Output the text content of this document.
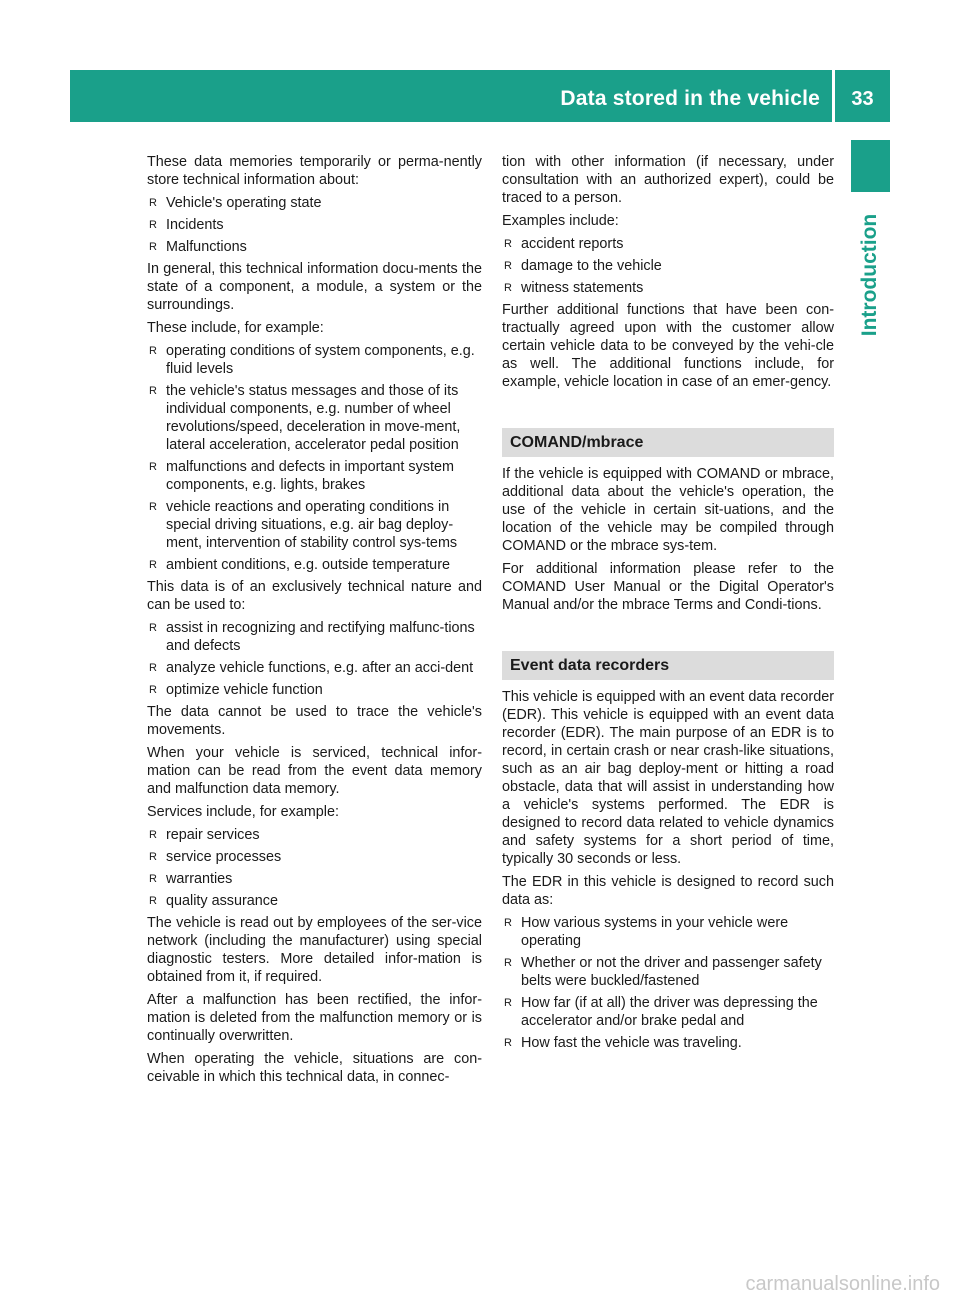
Data stored in the vehicle	33
Introduction

These data memories temporarily or perma-nently store technical information about:

R Vehicle's operating state
R Incidents
R Malfunctions

In general, this technical information docu-ments the state of a component, a module, a system or the surroundings.

These include, for example:

R operating conditions of system components, e.g. fluid levels
R the vehicle's status messages and those of its individual components, e.g. number of wheel revolutions/speed, deceleration in move-ment, lateral acceleration, accelerator pedal position
R malfunctions and defects in important system components, e.g. lights, brakes
R vehicle reactions and operating conditions in special driving situations, e.g. air bag deploy-ment, intervention of stability control sys-tems
R ambient conditions, e.g. outside temperature

This data is of an exclusively technical nature and can be used to:

R assist in recognizing and rectifying malfunc-tions and defects
R analyze vehicle functions, e.g. after an acci-dent
R optimize vehicle function

The data cannot be used to trace the vehicle's movements.

When your vehicle is serviced, technical infor-mation can be read from the event data memory and malfunction data memory.

Services include, for example:

R repair services
R service processes
R warranties
R quality assurance

The vehicle is read out by employees of the ser-vice network (including the manufacturer) using special diagnostic testers. More detailed infor-mation is obtained from it, if required.

After a malfunction has been rectified, the infor-mation is deleted from the malfunction memory or is continually overwritten.

When operating the vehicle, situations are con-ceivable in which this technical data, in connec-

tion with other information (if necessary, under consultation with an authorized expert), could be traced to a person.

Examples include:

R accident reports
R damage to the vehicle
R witness statements

Further additional functions that have been con-tractually agreed upon with the customer allow certain vehicle data to be conveyed by the vehi-cle as well. The additional functions include, for example, vehicle location in case of an emer-gency.

COMAND/mbrace

If the vehicle is equipped with COMAND or mbrace, additional data about the vehicle's operation, the use of the vehicle in certain sit-uations, and the location of the vehicle may be compiled through COMAND or the mbrace sys-tem.

For additional information please refer to the COMAND User Manual or the Digital Operator's Manual and/or the mbrace Terms and Condi-tions.

Event data recorders

This vehicle is equipped with an event data recorder (EDR). This vehicle is equipped with an event data recorder (EDR). The main purpose of an EDR is to record, in certain crash or near crash-like situations, such as an air bag deploy-ment or hitting a road obstacle, data that will assist in understanding how a vehicle's systems performed. The EDR is designed to record data related to vehicle dynamics and safety systems for a short period of time, typically 30 seconds or less.

The EDR in this vehicle is designed to record such data as:

R How various systems in your vehicle were operating
R Whether or not the driver and passenger safety belts were buckled/fastened
R How far (if at all) the driver was depressing the accelerator and/or brake pedal and
R How fast the vehicle was traveling.
carmanualsonline.info
